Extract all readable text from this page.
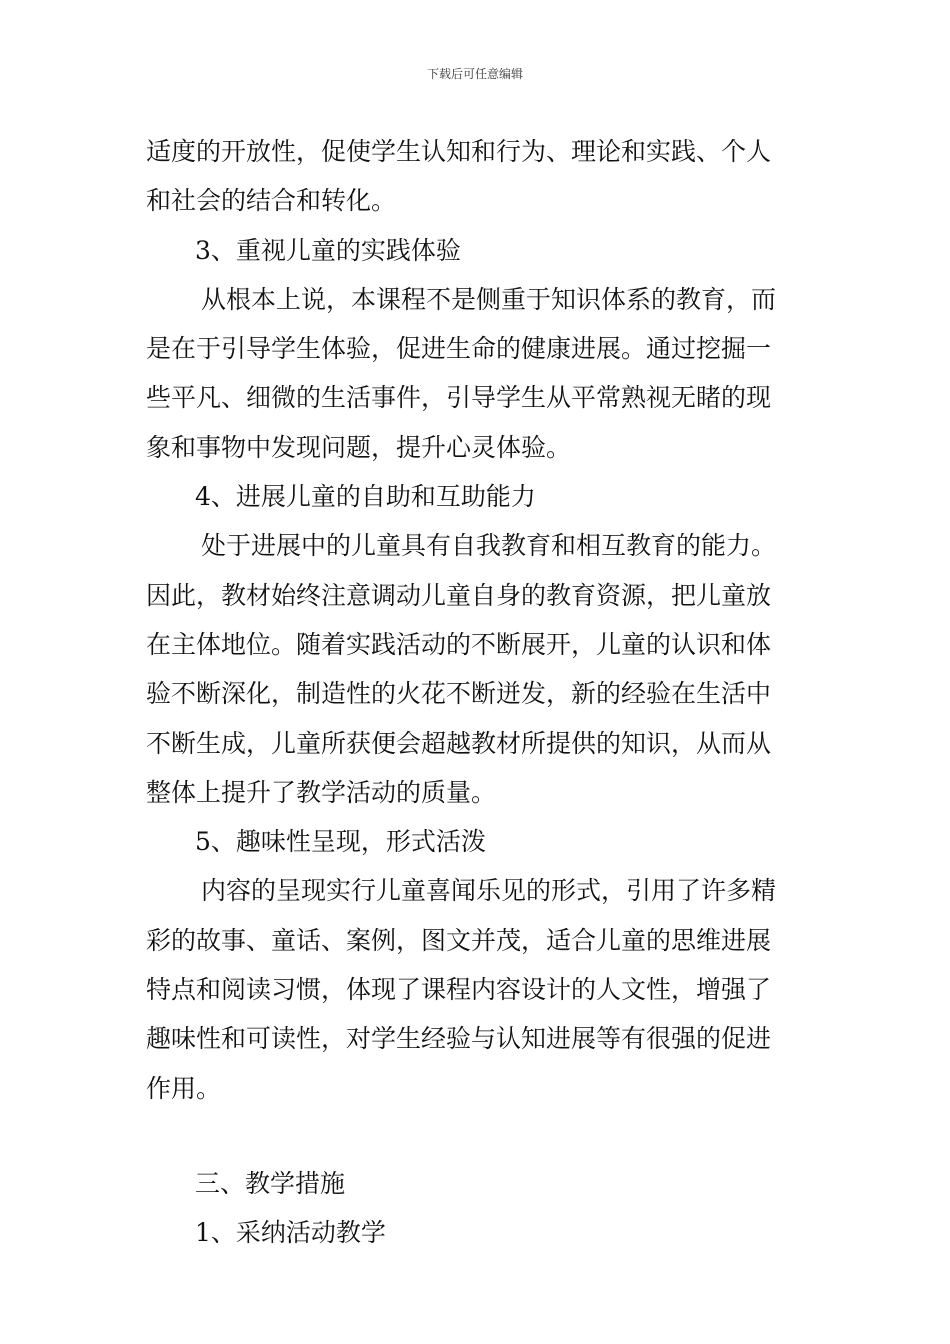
下载后可任意编辑
适度的开放性，促使学生认知和行为、理论和实践、个人
和社会的结合和转化。
3、重视儿童的实践体验
从根本上说，本课程不是侧重于知识体系的教育，而
是在于引导学生体验，促进生命的健康进展。通过挖掘一
些平凡、细微的生活事件，引导学生从平常熟视无睹的现
象和事物中发现问题，提升心灵体验。
4、进展儿童的自助和互助能力
处于进展中的儿童具有自我教育和相互教育的能力。
因此，教材始终注意调动儿童自身的教育资源，把儿童放
在主体地位。随着实践活动的不断展开，儿童的认识和体
验不断深化，制造性的火花不断迸发，新的经验在生活中
不断生成，儿童所获便会超越教材所提供的知识，从而从
整体上提升了教学活动的质量。
5、趣味性呈现，形式活泼
内容的呈现实行儿童喜闻乐见的形式，引用了许多精
彩的故事、童话、案例，图文并茂，适合儿童的思维进展
特点和阅读习惯，体现了课程内容设计的人文性，增强了
趣味性和可读性，对学生经验与认知进展等有很强的促进
作用。
三、教学措施
1、采纳活动教学
